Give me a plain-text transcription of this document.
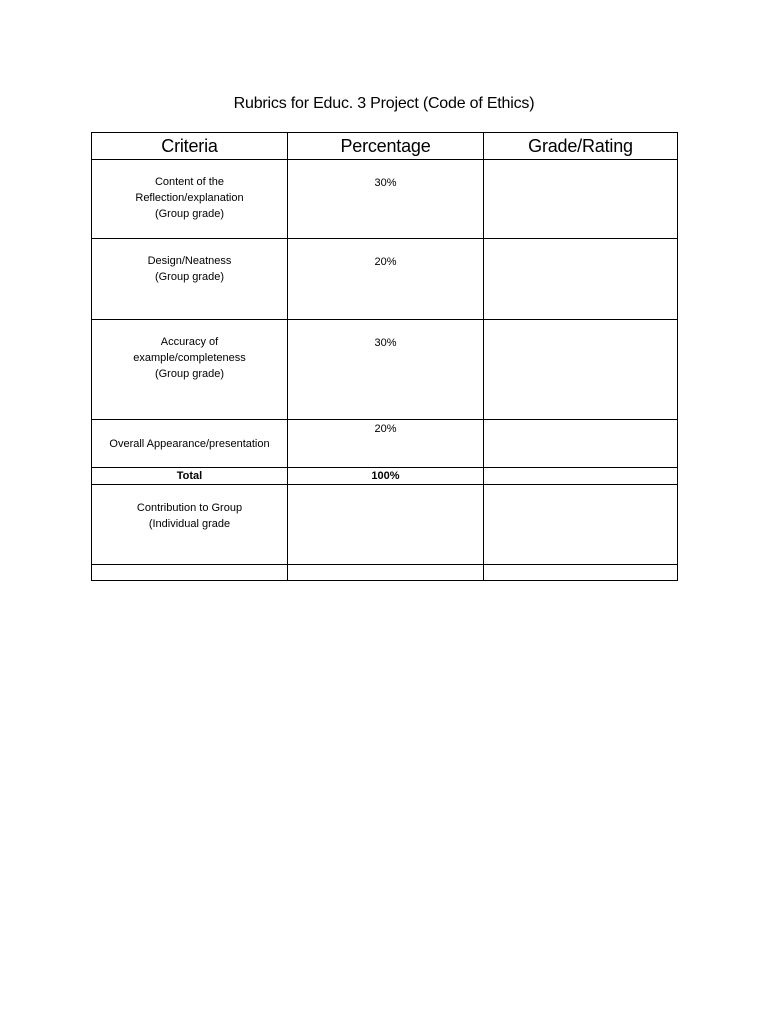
Rubrics for Educ. 3 Project (Code of Ethics)
Criteria	Percentage	Grade/Rating

Content of the
Reflection/explanation
(Group grade)	30%	

Design/Neatness
(Group grade)	20%	

Accuracy of
example/completeness
(Group grade)	30%	

Overall Appearance/presentation	20%	

Total	100%	

Contribution to Group
(Individual grade		
